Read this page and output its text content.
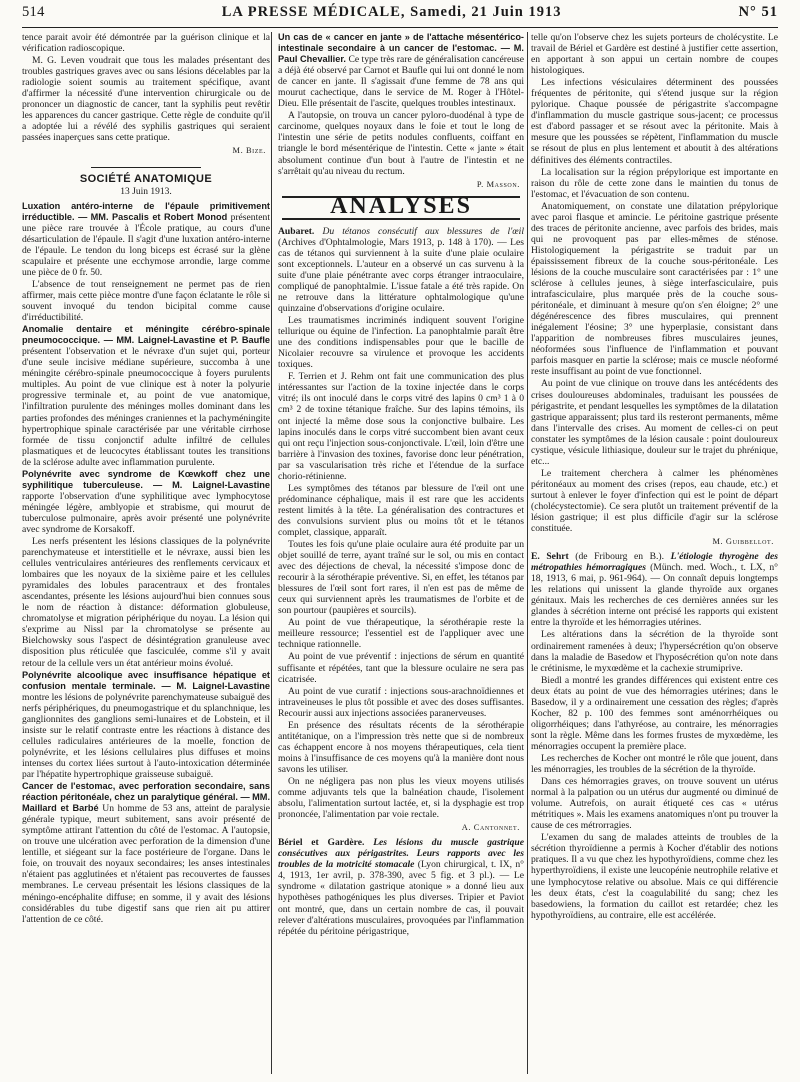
514	LA PRESSE MÉDICALE, Samedi, 21 Juin 1913	N° 51

tence parait avoir été démontrée par la guérison clinique et la vérification radioscopique.

M. G. Leven voudrait que tous les malades présentant des troubles gastriques graves avec ou sans lésions décelables par la radiologie soient soumis au traitement spécifique, avant d'affirmer la nécessité d'une intervention chirurgicale ou de prononcer un diagnostic de cancer, tant la syphilis peut revêtir les apparences du cancer gastrique. Cette règle de conduite qu'il a adoptée lui a révélé des syphilis gastriques qui seraient passées inaperçues sans cette pratique.

M. Bize.
SOCIÉTÉ ANATOMIQUE
13 Juin 1913.

Luxation antéro-interne de l'épaule primitivement irréductible. — MM. Pascalis et Robert Monod présentent une pièce rare trouvée à l'École pratique, au cours d'une désarticulation de l'épaule. Il s'agit d'une luxation antéro-interne de l'épaule. Le tendon du long biceps est écrasé sur la glène scapulaire et présente une ecchymose arrondie, large comme une pièce de 0 fr. 50.

L'absence de tout renseignement ne permet pas de rien affirmer, mais cette pièce montre d'une façon éclatante le rôle si souvent invoqué du tendon bicipital comme cause d'irréductibilité.

Anomalie dentaire et méningite cérébro-spinale pneumococcique. — MM. Laignel-Lavastine et P. Baufle présentent l'observation et le névraxe d'un sujet qui, porteur d'une seule incisive médiane supérieure, succomba à une méningite cérébro-spinale pneumococcique à foyers purulents multiples. Au point de vue clinique est à noter la polyurie progressive terminale et, au point de vue anatomique, l'infiltration purulente des méninges molles dominant dans les parties profondes des méninges craniennes et la pachyméningite hypertrophique spinale caractérisée par une véritable cirrhose formée de tissu conjonctif adulte infiltré de cellules plasmatiques et de leucocytes établissant toutes les transitions de la sclérose adulte avec inflammation purulente.

Polynévrite avec syndrome de Kœwkoff chez une syphilitique tuberculeuse. — M. Laignel-Lavastine rapporte l'observation d'une syphilitique avec lymphocytose méningée légère, amblyopie et strabisme, qui mourut de tuberculose pulmonaire, après avoir présenté une polynévrite avec syndrome de Korsakoff.

Les nerfs présentent les lésions classiques de la polynévrite parenchymateuse et interstitielle et le névraxe, aussi bien les cellules ventriculaires antérieures des renflements cervicaux et lombaires que les noyaux de la sixième paire et les cellules pyramidales des lobules paracentraux et des frontales ascendantes, présente les lésions aujourd'hui bien connues sous le nom de réaction à distance: déformation globuleuse, chromatolyse et migration périphérique du noyau. La lésion qui s'exprime au Nissl par la chromatolyse se présente au Bielchowsky sous l'aspect de désintégration granuleuse avec disposition plus réticulée que fasciculée, comme s'il y avait retour de la cellule vers un état antérieur moins évolué.

Polynévrite alcoolique avec insuffisance hépatique et confusion mentale terminale. — M. Laignel-Lavastine montre les lésions de polynévrite parenchymateuse subaiguë des nerfs périphériques, du pneumogastrique et du splanchnique, les ganglionnites des ganglions semi-lunaires et de Lobstein, et il insiste sur le relatif contraste entre les réactions à distance des cellules radiculaires antérieures de la moelle, fonction de polynévrite, et les lésions cellulaires plus diffuses et moins intenses du cortex liées surtout à l'auto-intoxication déterminée par l'hépatite hypertrophique graisseuse subaiguë.

Cancer de l'estomac, avec perforation secondaire, sans réaction péritonéale, chez un paralytique général. — MM. Maillard et Barbé Un homme de 53 ans, atteint de paralysie générale typique, meurt subitement, sans avoir présenté de symptôme attirant l'attention du côté de l'estomac. A l'autopsie, on trouve une ulcération avec perforation de la dimension d'une lentille, et siégeant sur la face postérieure de l'organe. Dans le foie, on trouvait des noyaux secondaires; les anses intestinales n'étaient pas agglutinées et n'étaient pas recouvertes de fausses membranes. Le cerveau présentait les lésions classiques de la méningo-encéphalite diffuse; en somme, il y avait des lésions considérables du tube digestif sans que rien ait pu attirer l'attention de ce côté.

Un cas de « cancer en jante » de l'attache mésentérico-intestinale secondaire à un cancer de l'estomac. — M. Paul Chevallier. Ce type très rare de généralisation cancéreuse a déjà été observé par Carnot et Baufle qui lui ont donné le nom de cancer en jante. Il s'agissait d'une femme de 78 ans qui mourut cachectique, dans le service de M. Roger à l'Hôtel-Dieu. Elle présentait de l'ascite, quelques troubles intestinaux.

A l'autopsie, on trouva un cancer pyloro-duodénal à type de carcinome, quelques noyaux dans le foie et tout le long de l'intestin une série de petits nodules confluents, coiffant en triangle le bord mésentérique de l'intestin. Cette « jante » était absolument continue d'un bout à l'autre de l'intestin et ne s'arrêtait qu'au niveau du rectum.

P. Masson.
ANALYSES

Aubaret. Du tétanos consécutif aux blessures de l'œil (Archives d'Ophtalmologie, Mars 1913, p. 148 à 170). — Les cas de tétanos qui surviennent à la suite d'une plaie oculaire sont exceptionnels. L'auteur en a observé un cas survenu à la suite d'une plaie pénétrante avec corps étranger intraoculaire, compliqué de panophtalmie. L'issue fatale a été très rapide. On ne retrouve dans la littérature ophtalmologique qu'une quinzaine d'observations d'origine oculaire.

Les traumatismes incriminés indiquent souvent l'origine tellurique ou équine de l'infection. La panophtalmie paraît être une des conditions indispensables pour que le bacille de Nicolaier recouvre sa virulence et provoque les accidents toxiques.

F. Terrien et J. Rehm ont fait une communication des plus intéressantes sur l'action de la toxine injectée dans le corps vitré; ils ont inoculé dans le corps vitré des lapins 0 cm³ 1 à 0 cm³ 2 de toxine tétanique fraîche. Sur des lapins témoins, ils ont injecté la même dose sous la conjonctive bulbaire. Les lapins inoculés dans le corps vitré succombent bien avant ceux qui ont reçu l'injection sous-conjonctivale. L'œil, loin d'être une barrière à l'invasion des toxines, favorise donc leur pénétration, par sa vascularisation très riche et l'étendue de la surface chorio-rétinienne.

Les symptômes des tétanos par blessure de l'œil ont une prédominance céphalique, mais il est rare que les accidents restent limités à la tête. La généralisation des contractures et des convulsions survient plus ou moins tôt et le tétanos complet, classique, apparaît.

Toutes les fois qu'une plaie oculaire aura été produite par un objet souillé de terre, ayant traîné sur le sol, ou mis en contact avec des déjections de cheval, la nécessité s'impose donc de recourir à la sérothérapie préventive. Si, en effet, les tétanos par blessures de l'œil sont fort rares, il n'en est pas de même de ceux qui surviennent après les traumatismes de l'orbite et de son pourtour (paupières et sourcils).

Au point de vue thérapeutique, la sérothérapie reste la meilleure ressource; l'essentiel est de l'appliquer avec une technique rationnelle.

Au point de vue préventif : injections de sérum en quantité suffisante et répétées, tant que la blessure oculaire ne sera pas cicatrisée.

Au point de vue curatif : injections sous-arachnoïdiennes et intraveineuses le plus tôt possible et avec des doses suffisantes. Recourir aussi aux injections associées paranerveuses.

En présence des résultats récents de la sérothérapie antitétanique, on a l'impression très nette que si de nombreux cas échappent encore à nos moyens thérapeutiques, cela tient moins à l'insuffisance de ces moyens qu'à la manière dont nous savons les utiliser.

On ne négligera pas non plus les vieux moyens utilisés comme adjuvants tels que la balnéation chaude, l'isolement absolu, l'alimentation surtout lactée, et, si la dysphagie est trop prononcée, l'alimentation par voie rectale.

A. Cantonnet.

Bériel et Gardère. Les lésions du muscle gastrique consécutives aux périgastrites. Leurs rapports avec les troubles de la motricité stomacale (Lyon chirurgical, t. IX, n° 4, 1913, 1er avril, p. 378-390, avec 5 fig. et 3 pl.). — Le syndrome « dilatation gastrique atonique » a donné lieu aux hypothèses pathogéniques les plus diverses. Tripier et Paviot ont montré, que, dans un certain nombre de cas, il pouvait relever d'altérations musculaires, provoquées par l'inflammation répétée du péritoine périgastrique,

telle qu'on l'observe chez les sujets porteurs de cholécystite. Le travail de Bériel et Gardère est destiné à justifier cette assertion, en apportant à son appui un certain nombre de coupes histologiques.

Les infections vésiculaires déterminent des poussées fréquentes de péritonite, qui s'étend jusque sur la région pylorique. Chaque poussée de périgastrite s'accompagne d'inflammation du muscle gastrique sous-jacent; ce processus est d'abord passager et se résout avec la péritonite. Mais à mesure que les poussées se répètent, l'inflammation du muscle se résout de plus en plus lentement et aboutit à des altérations définitives des éléments contractiles.

La localisation sur la région prépylorique est importante en raison du rôle de cette zone dans le maintien du tonus de l'estomac, et l'évacuation de son contenu.

Anatomiquement, on constate une dilatation prépylorique avec paroi flasque et amincie. Le péritoine gastrique présente des traces de péritonite ancienne, avec parfois des brides, mais qui ne provoquent pas par elles-mêmes de sténose. Histologiquement la périgastrite se traduit par un épaississement fibreux de la couche sous-péritonéale. Les lésions de la couche musculaire sont caractérisées par : 1° une sclérose à cellules jeunes, à siège interfasciculaire, puis intrafasciculaire, plus marquée près de la couche sous-péritonéale, et diminuant à mesure qu'on s'en éloigne; 2° une dégénérescence des fibres musculaires, qui prennent inégalement l'éosine; 3° une hyperplasie, consistant dans l'apparition de nombreuses fibres musculaires jeunes, néoformées sous l'influence de l'inflammation et pouvant parfois masquer en partie la sclérose; mais ce muscle néoformé reste insuffisant au point de vue fonctionnel.

Au point de vue clinique on trouve dans les antécédents des crises douloureuses abdominales, traduisant les poussées de périgastrite, et pendant lesquelles les symptômes de la dilatation gastrique apparaissent; plus tard ils resteront permanents, même dans l'intervalle des crises. Au moment de celles-ci on peut constater les symptômes de la lésion causale : point douloureux cystique, vésicule lithiasique, douleur sur le trajet du phrénique, etc...

Le traitement cherchera à calmer les phénomènes péritonéaux au moment des crises (repos, eau chaude, etc.) et surtout à enlever le foyer d'infection qui est le point de départ (cholécystectomie). Ce sera plutôt un traitement préventif de la lésion gastrique; il est plus difficile d'agir sur la sclérose constituée.

M. Guibbellot.

E. Sehrt (de Fribourg en B.). L'étiologie thyrogène des métropathies hémorragiques (Münch. med. Woch., t. LX, n° 18, 1913, 6 mai, p. 961-964). — On connaît depuis longtemps les relations qui unissent la glande thyroïde aux organes génitaux. Mais les recherches de ces dernières années sur les glandes à sécrétion interne ont précisé les rapports qui existent entre la thyroïde et les hémorragies utérines.

Les altérations dans la sécrétion de la thyroïde sont ordinairement ramenées à deux; l'hypersécrétion qu'on observe dans la maladie de Basedow et l'hyposécrétion qu'on note dans le crétinisme, le myxœdème et la cachexie strumiprive.

Biedl a montré les grandes différences qui existent entre ces deux états au point de vue des hémorragies utérines; dans le Basedow, il y a ordinairement une cessation des règles; d'après Kocher, 82 p. 100 des femmes sont aménorrhéiques ou oligorrhéiques; dans l'athyréose, au contraire, les ménorragies sont la règle. Même dans les formes frustes de myxœdème, les ménorragies occupent la première place.

Les recherches de Kocher ont montré le rôle que jouent, dans les ménorragies, les troubles de la sécrétion de la thyroïde.

Dans ces hémorragies graves, on trouve souvent un utérus normal à la palpation ou un utérus dur augmenté ou diminué de volume. Autrefois, on aurait étiqueté ces cas « utérus métritiques ». Mais les examens anatomiques n'ont pu trouver la cause de ces métrorragies.

L'examen du sang de malades atteints de troubles de la sécrétion thyroïdienne a permis à Kocher d'établir des notions pratiques. Il a vu que chez les hypothyroïdiens, comme chez les hyperthyroïdiens, il existe une leucopénie neutrophile relative et une lymphocytose relative ou absolue. Mais ce qui différencie les deux états, c'est la coagulabilité du sang; chez les basedowiens, la formation du caillot est retardée; chez les hypothyroïdiens, au contraire, elle est accélérée.
